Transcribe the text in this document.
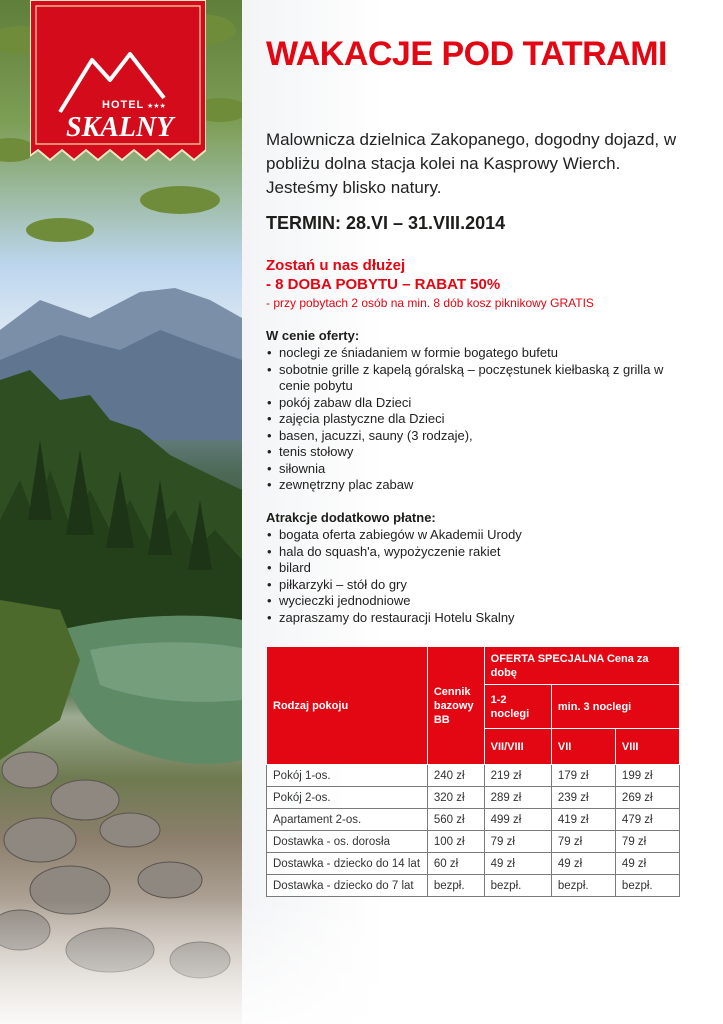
HOTEL ★★★
SKALNY
WAKACJE POD TATRAMI

Malownicza dzielnica Zakopanego, dogodny dojazd, w pobliżu dolna stacja kolei na Kasprowy Wierch. Jesteśmy blisko natury.

TERMIN: 28.VI – 31.VIII.2014

Zostań u nas dłużej

- 8 DOBA POBYTU – RABAT 50%

- przy pobytach 2 osób na min. 8 dób kosz piknikowy GRATIS

W cenie oferty:

• noclegi ze śniadaniem w formie bogatego bufetu
• sobotnie grille z kapelą góralską – poczęstunek kiełbaską z grilla w cenie pobytu
• pokój zabaw dla Dzieci
• zajęcia plastyczne dla Dzieci
• basen, jacuzzi, sauny (3 rodzaje),
• tenis stołowy
• siłownia
• zewnętrzny plac zabaw

Atrakcje dodatkowo płatne:

• bogata oferta zabiegów w Akademii Urody
• hala do squash'a, wypożyczenie rakiet
• bilard
• piłkarzyki – stół do gry
• wycieczki jednodniowe
• zapraszamy do restauracji Hotelu Skalny
Rodzaj pokoju	Cennik bazowy BB	OFERTA SPECJALNA Cena za dobę		
		1-2 noclegi	min. 3 noclegi	
		VII/VIII	VII	VIII
Pokój 1-os.	240 zł	219 zł	179 zł	199 zł
Pokój 2-os.	320 zł	289 zł	239 zł	269 zł
Apartament 2-os.	560 zł	499 zł	419 zł	479 zł
Dostawka - os. dorosła	100 zł	79 zł	79 zł	79 zł
Dostawka - dziecko do 14 lat	60 zł	49 zł	49 zł	49 zł
Dostawka - dziecko do 7 lat	bezpł.	bezpł.	bezpł.	bezpł.
